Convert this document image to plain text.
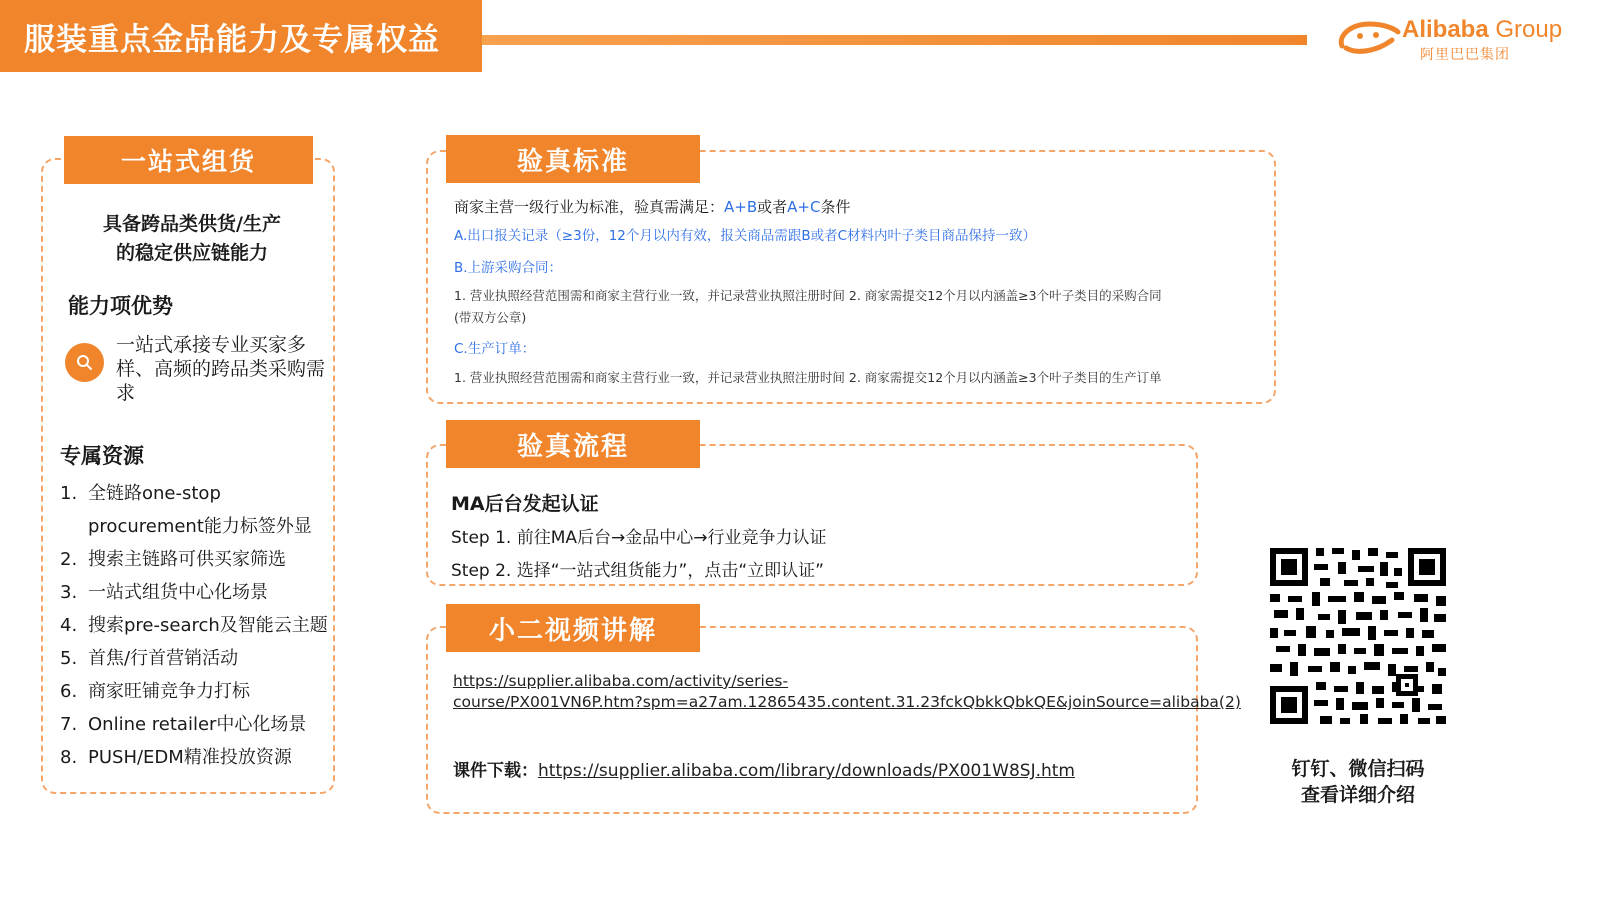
服装重点金品能力及专属权益	Alibaba Group
阿里巴巴集团
一站式组货
具备跨品类供货/生产的稳定供应链能力
能力项优势
一站式承接专业买家多样、高频的跨品类采购需求
专属资源
1. 全链路one-stop procurement能力标签外显
2. 搜索主链路可供买家筛选
3. 一站式组货中心化场景
4. 搜索pre-search及智能云主题
5. 首焦/行首营销活动
6. 商家旺铺竞争力打标
7. Online retailer中心化场景
8. PUSH/EDM精准投放资源
验真标准
商家主营一级行业为标准，验真需满足：A+B或者A+C条件
A.出口报关记录（≥3份，12个月以内有效，报关商品需跟B或者C材料内叶子类目商品保持一致）
B.上游采购合同：
1. 营业执照经营范围需和商家主营行业一致，并记录营业执照注册时间 2. 商家需提交12个月以内涵盖≥3个叶子类目的采购合同
(带双方公章)
C.生产订单：
1. 营业执照经营范围需和商家主营行业一致，并记录营业执照注册时间 2. 商家需提交12个月以内涵盖≥3个叶子类目的生产订单
验真流程
MA后台发起认证
Step 1. 前往MA后台→金品中心→行业竞争力认证
Step 2. 选择“一站式组货能力”，点击“立即认证”
小二视频讲解
https://supplier.alibaba.com/activity/series-
course/PX001VN6P.htm?spm=a27am.12865435.content.31.23fckQbkkQbkQE&joinSource=alibaba(2)
课件下载：https://supplier.alibaba.com/library/downloads/PX001W8SJ.htm	钉钉、微信扫码
查看详细介绍
